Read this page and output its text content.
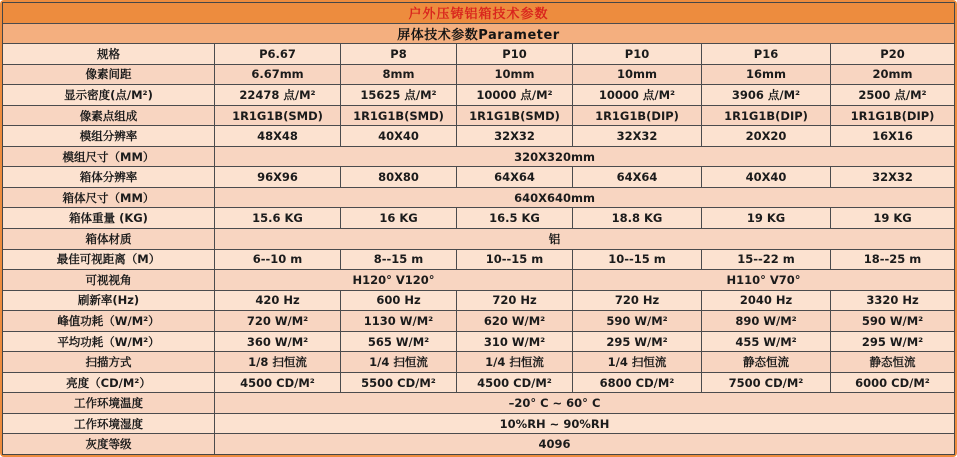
户外压铸铝箱技术参数
屏体技术参数Parameter
规格	P6.67	P8	P10	P10	P16	P20
像素间距	6.67mm	8mm	10mm	10mm	16mm	20mm
显示密度(点/M²)	22478 点/M²	15625 点/M²	10000 点/M²	10000 点/M²	3906 点/M²	2500 点/M²
像素点组成	1R1G1B(SMD)	1R1G1B(SMD)	1R1G1B(SMD)	1R1G1B(DIP)	1R1G1B(DIP)	1R1G1B(DIP)
模组分辨率	48X48	40X40	32X32	32X32	20X20	16X16
模组尺寸（MM）	320X320mm
箱体分辨率	96X96	80X80	64X64	64X64	40X40	32X32
箱体尺寸（MM）	640X640mm
箱体重量 (KG)	15.6 KG	16 KG	16.5 KG	18.8 KG	19 KG	19 KG
箱体材质	铝
最佳可视距离（M）	6--10 m	8--15 m	10--15 m	10--15 m	15--22 m	18--25 m
可视视角	H120° V120°	H110° V70°
刷新率(Hz)	420 Hz	600 Hz	720 Hz	720 Hz	2040 Hz	3320 Hz
峰值功耗（W/M²）	720 W/M²	1130 W/M²	620 W/M²	590 W/M²	890 W/M²	590 W/M²
平均功耗（W/M²）	360 W/M²	565 W/M²	310 W/M²	295 W/M²	455 W/M²	295 W/M²
扫描方式	1/8 扫恒流	1/4 扫恒流	1/4 扫恒流	1/4 扫恒流	静态恒流	静态恒流
亮度（CD/M²）	4500 CD/M²	5500 CD/M²	4500 CD/M²	6800 CD/M²	7500 CD/M²	6000 CD/M²
工作环境温度	–20° C ~ 60° C
工作环境湿度	10%RH ~ 90%RH
灰度等级	4096
